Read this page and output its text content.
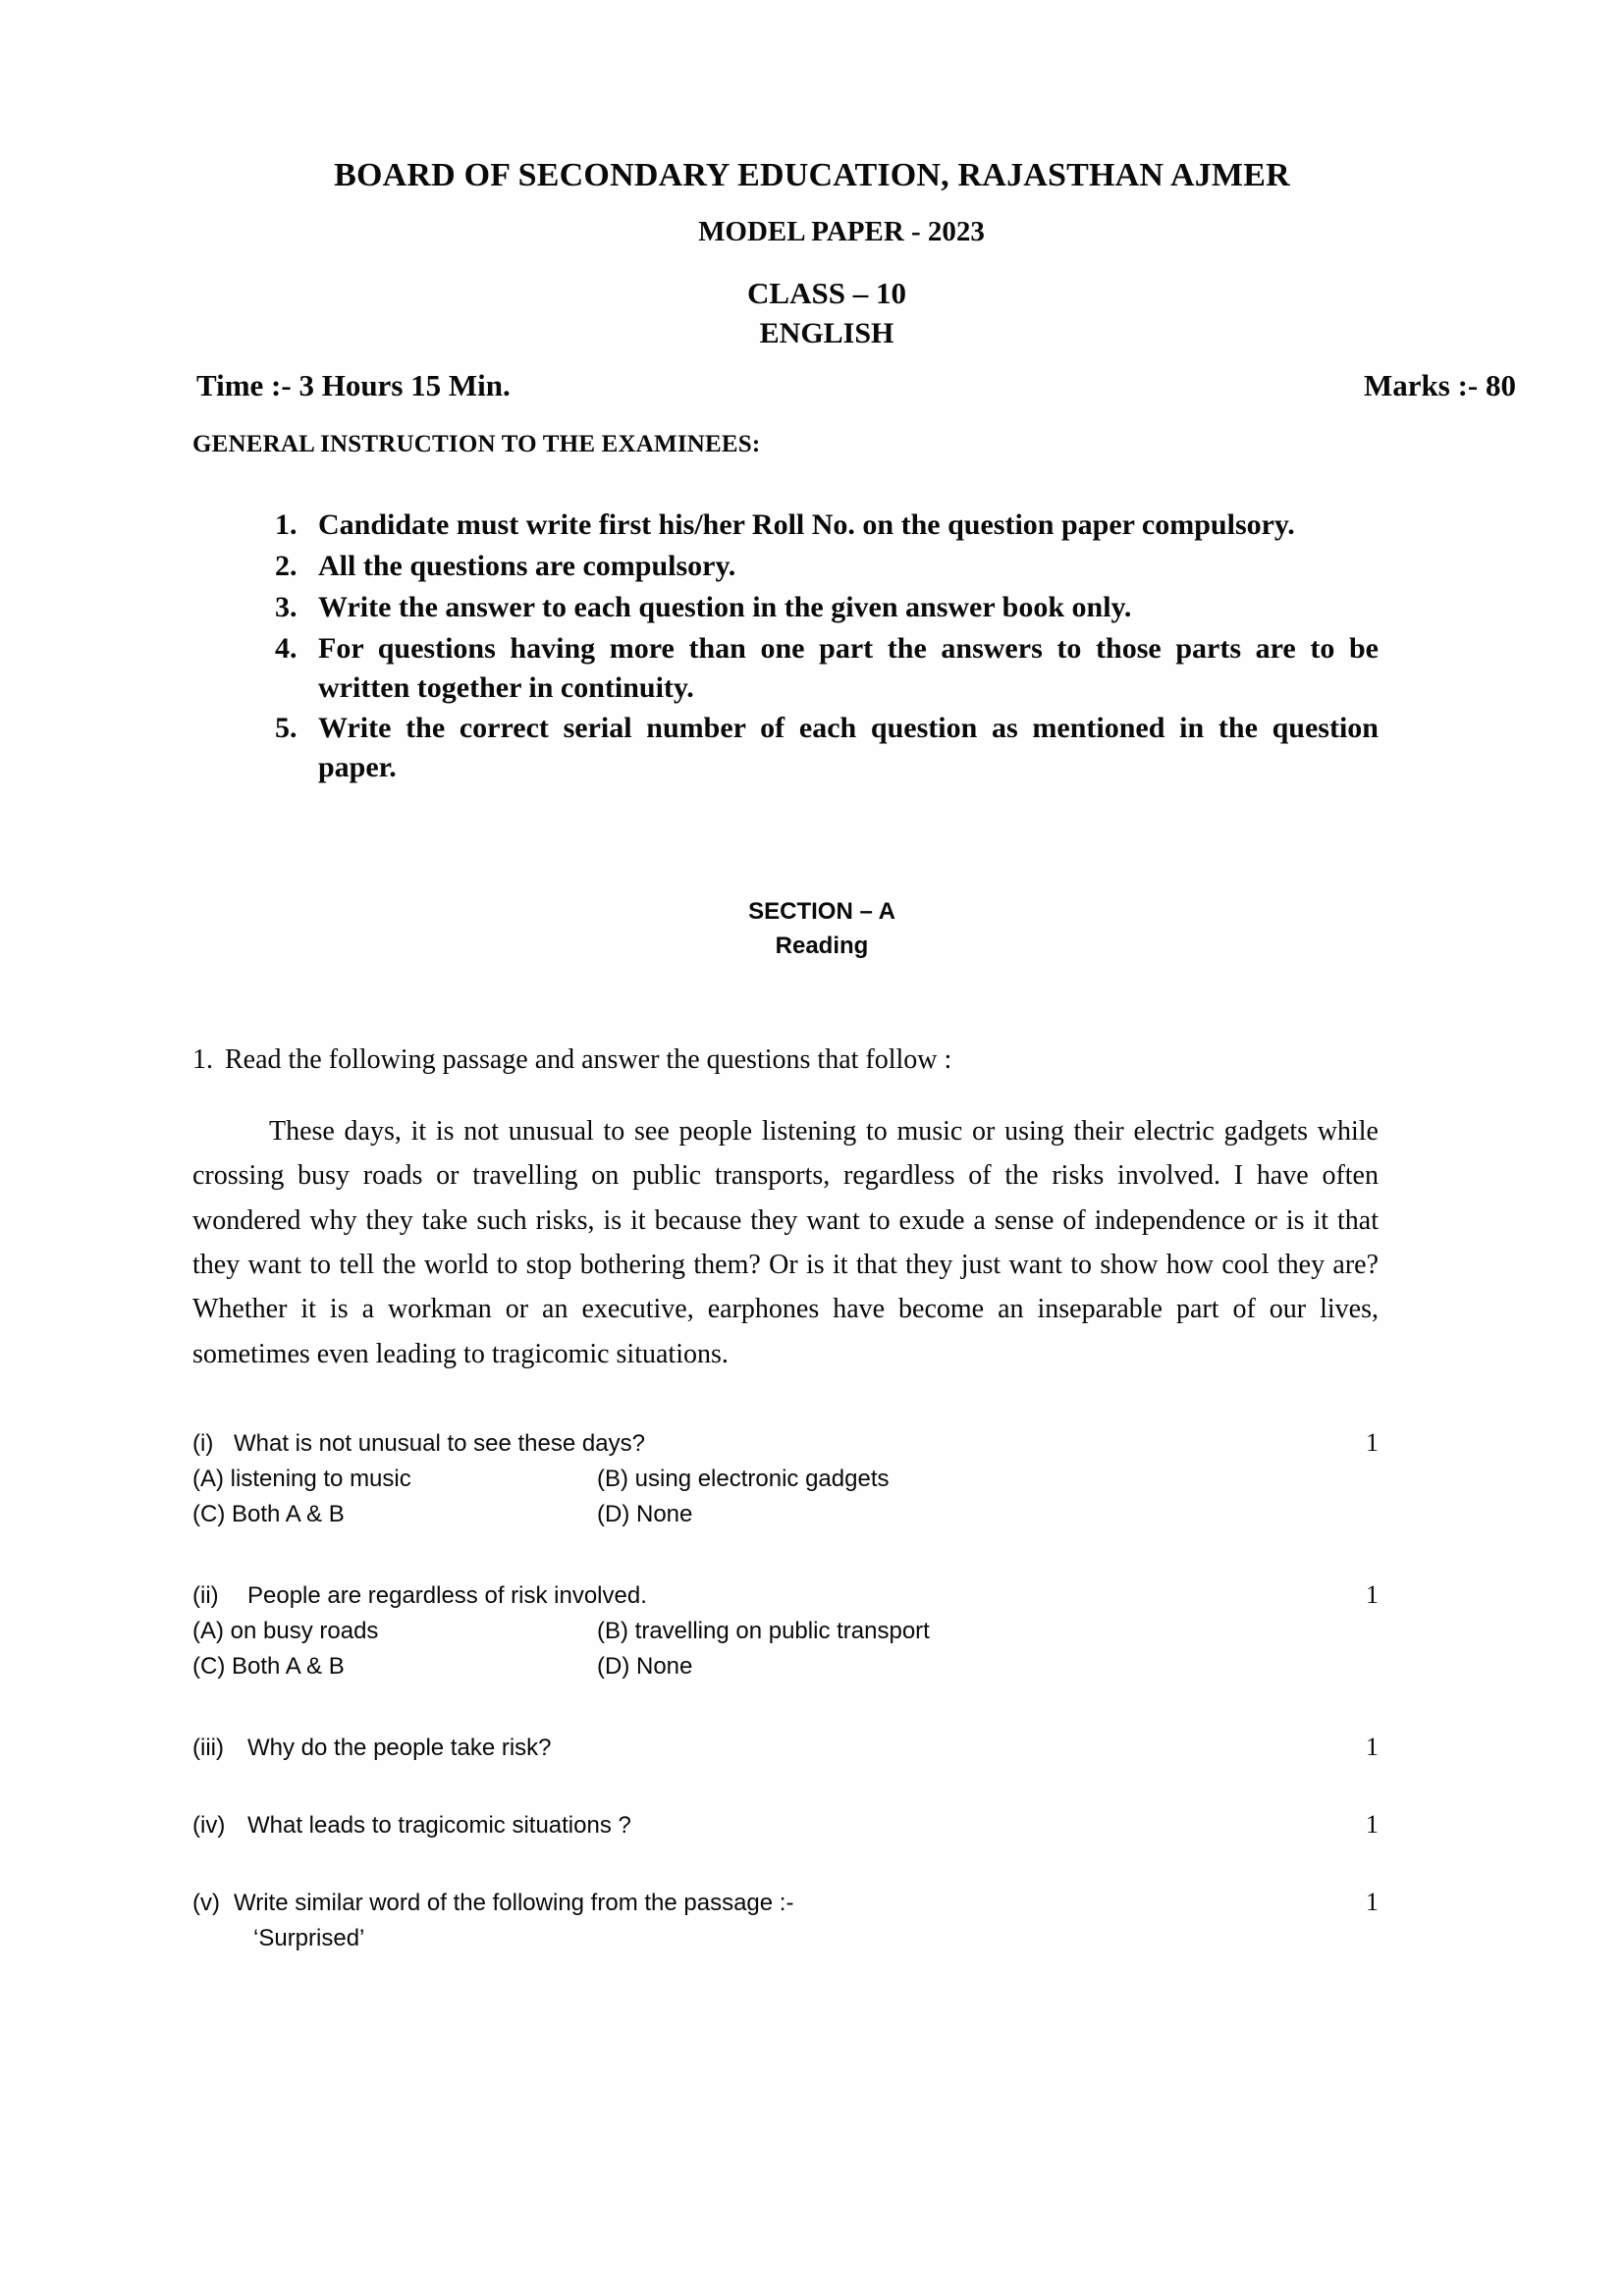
BOARD OF SECONDARY EDUCATION, RAJASTHAN AJMER
MODEL PAPER - 2023
CLASS – 10
ENGLISH
Time :- 3 Hours 15 Min.	Marks :- 80
GENERAL INSTRUCTION TO THE EXAMINEES:
1. Candidate must write first his/her Roll No. on the question paper compulsory.
2. All the questions are compulsory.
3. Write the answer to each question in the given answer book only.
4. For questions having more than one part the answers to those parts are to be written together in continuity.
5. Write the correct serial number of each question as mentioned in the question paper.
SECTION – A
Reading
1. Read the following passage and answer the questions that follow :

These days, it is not unusual to see people listening to music or using their electric gadgets while crossing busy roads or travelling on public transports, regardless of the risks involved. I have often wondered why they take such risks, is it because they want to exude a sense of independence or is it that they want to tell the world to stop bothering them? Or is it that they just want to show how cool they are? Whether it is a workman or an executive, earphones have become an inseparable part of our lives, sometimes even leading to tragicomic situations.

(i) What is not unusual to see these days?	1
(A) listening to music	(B) using electronic gadgets
(C) Both A & B	(D) None
(ii) People are regardless of risk involved.	1
(A) on busy roads	(B) travelling on public transport
(C) Both A & B	(D) None
(iii) Why do the people take risk?	1
(iv) What leads to tragicomic situations ?	1
(v) Write similar word of the following from the passage :-	1
‘Surprised’
